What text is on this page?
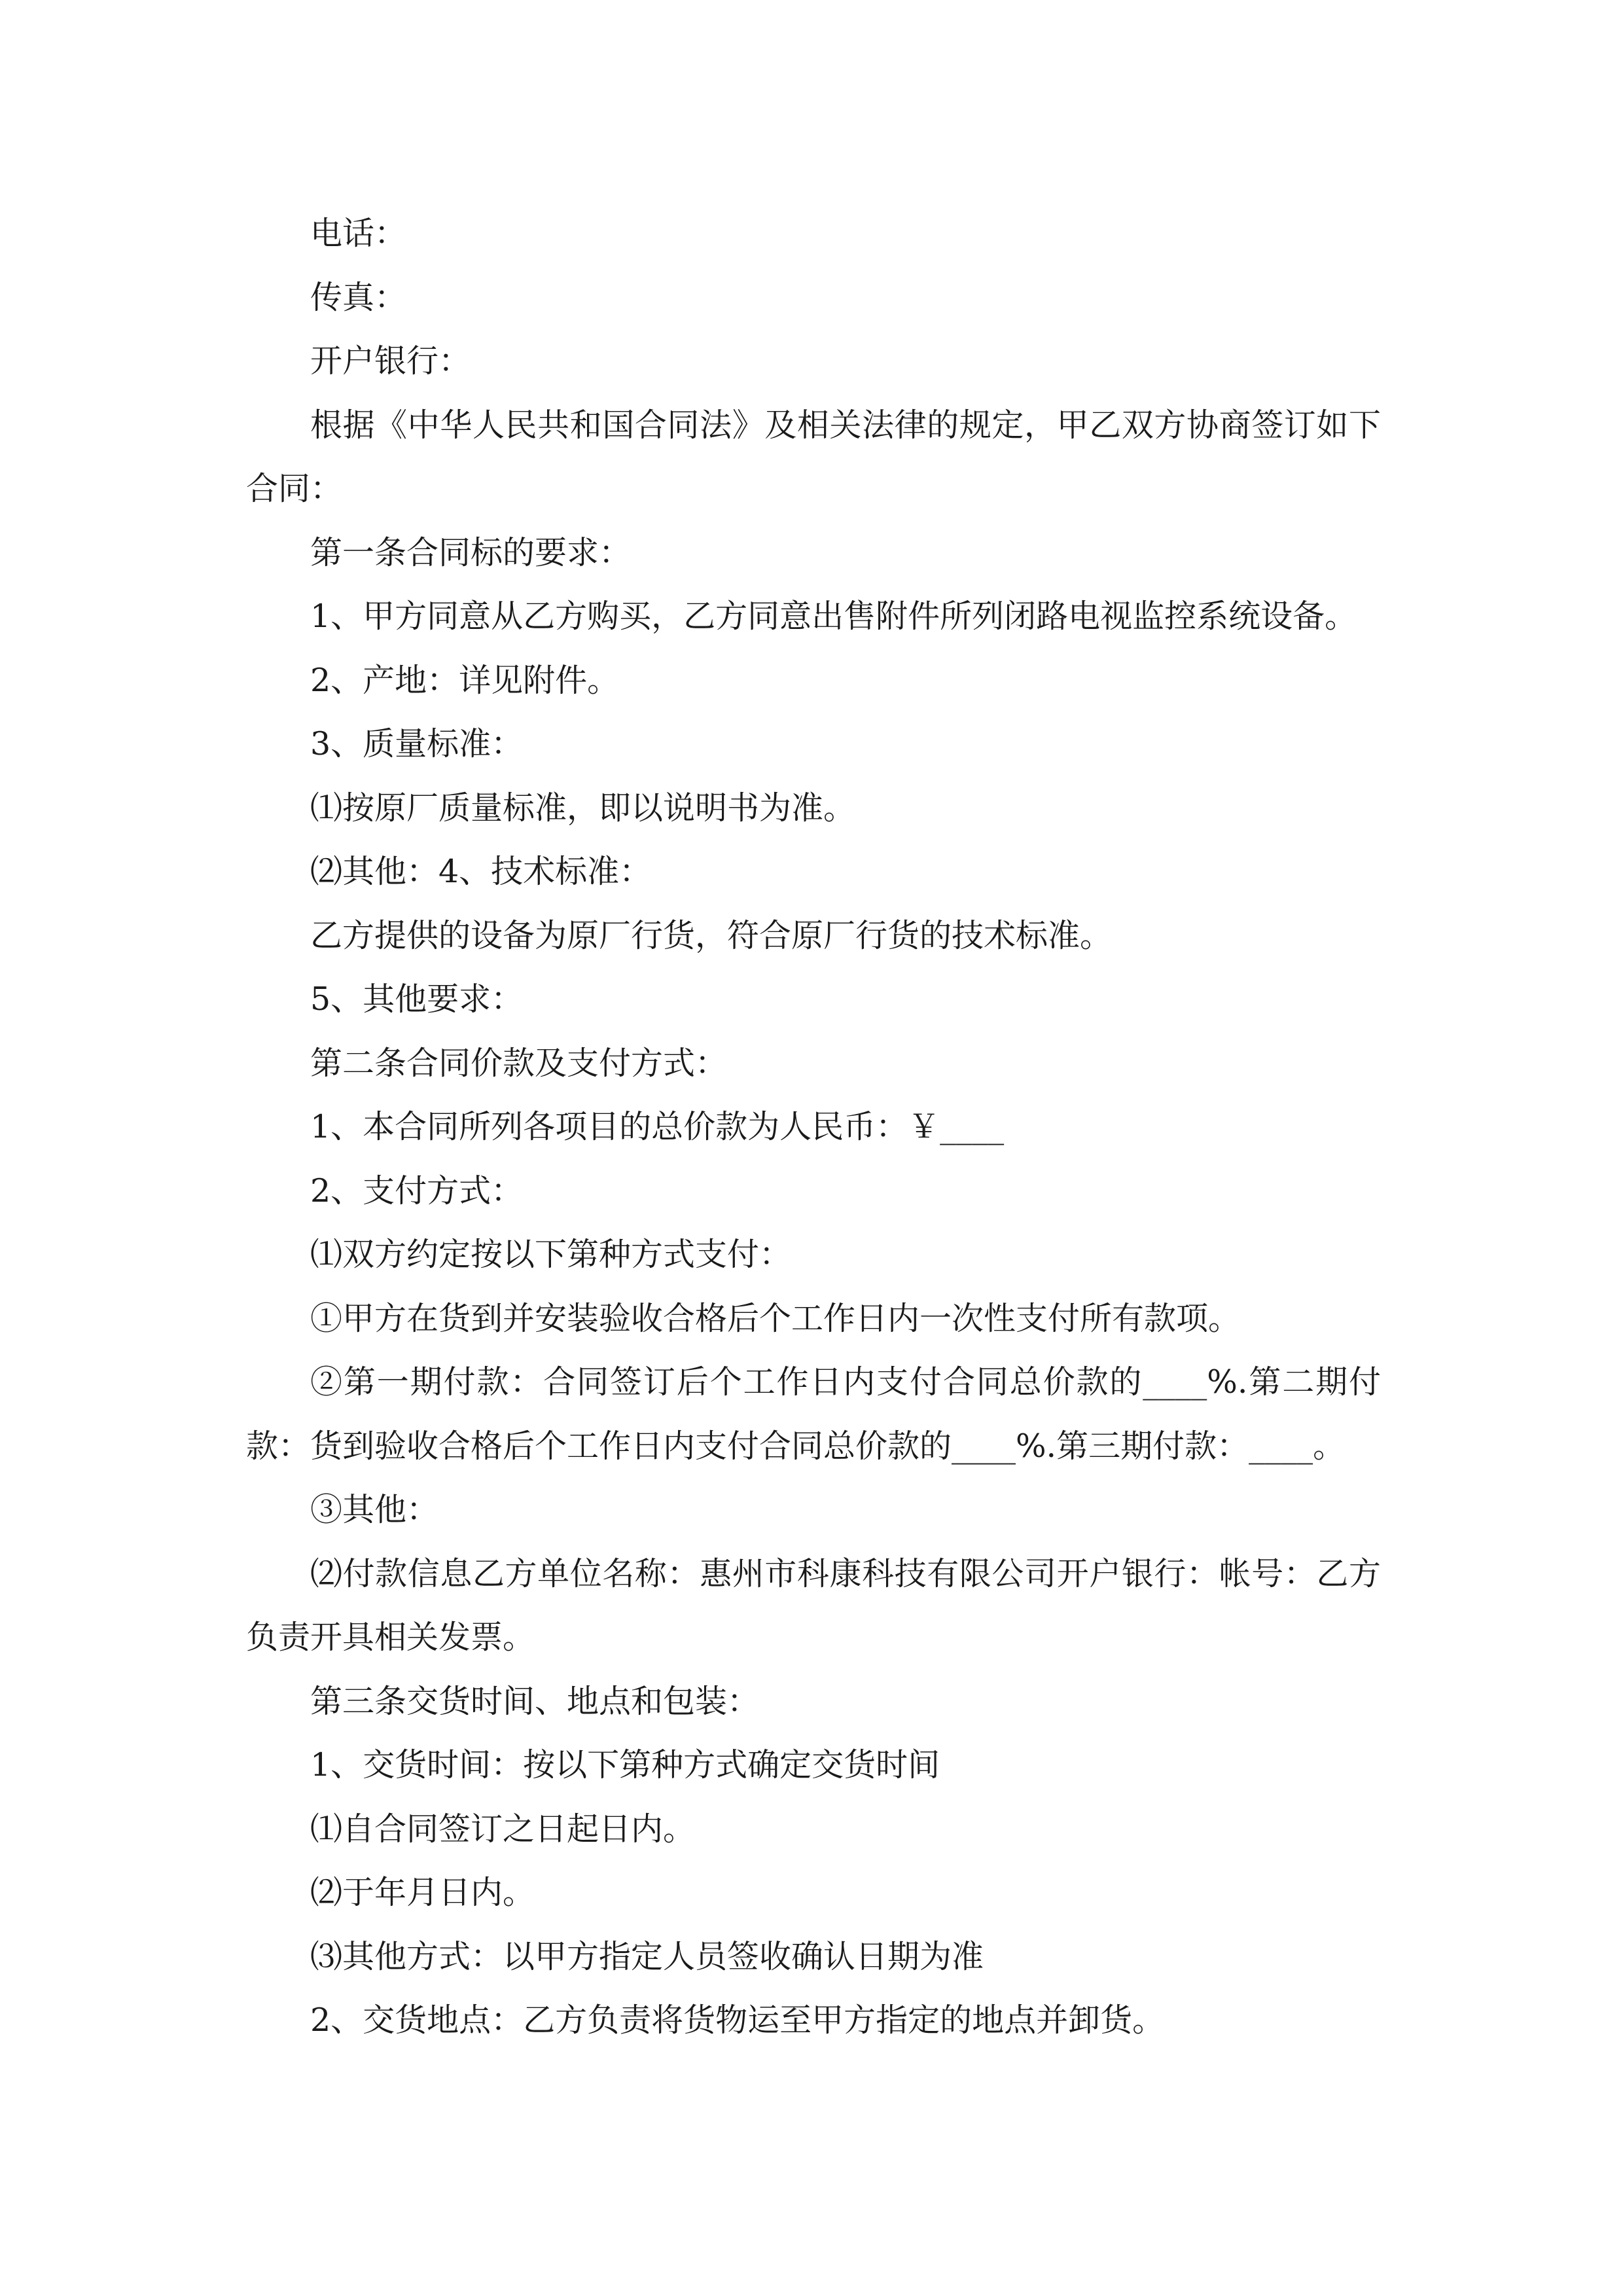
电话：

传真：

开户银行：

根据《中华人民共和国合同法》及相关法律的规定，甲乙双方协商签订如下合同：

第一条合同标的要求：

1、甲方同意从乙方购买，乙方同意出售附件所列闭路电视监控系统设备。

2、产地：详见附件。

3、质量标准：

⑴按原厂质量标准，即以说明书为准。

⑵其他：4、技术标准：

乙方提供的设备为原厂行货，符合原厂行货的技术标准。

5、其他要求：

第二条合同价款及支付方式：

1、本合同所列各项目的总价款为人民币：￥____

2、支付方式：

⑴双方约定按以下第种方式支付：

①甲方在货到并安装验收合格后个工作日内一次性支付所有款项。

②第一期付款：合同签订后个工作日内支付合同总价款的____%.第二期付款：货到验收合格后个工作日内支付合同总价款的____%.第三期付款：____。

③其他：

⑵付款信息乙方单位名称：惠州市科康科技有限公司开户银行：帐号：乙方负责开具相关发票。

第三条交货时间、地点和包装：

1、交货时间：按以下第种方式确定交货时间

⑴自合同签订之日起日内。

⑵于年月日内。

⑶其他方式：以甲方指定人员签收确认日期为准

2、交货地点：乙方负责将货物运至甲方指定的地点并卸货。
